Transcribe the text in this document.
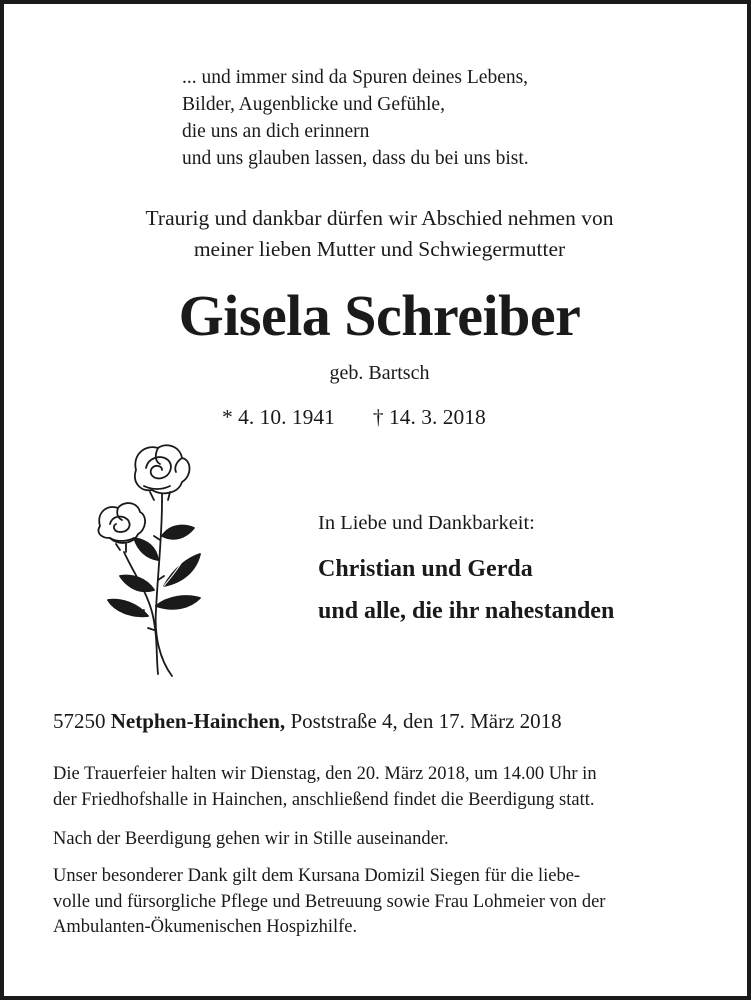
... und immer sind da Spuren deines Lebens,
Bilder, Augenblicke und Gefühle,
die uns an dich erinnern
und uns glauben lassen, dass du bei uns bist.
Traurig und dankbar dürfen wir Abschied nehmen von
meiner lieben Mutter und Schwiegermutter
Gisela Schreiber
geb. Bartsch
* 4. 10. 1941 † 14. 3. 2018
In Liebe und Dankbarkeit:
Christian und Gerda
und alle, die ihr nahestanden
57250 Netphen-Hainchen, Poststraße 4, den 17. März 2018
Die Trauerfeier halten wir Dienstag, den 20. März 2018, um 14.00 Uhr in
der Friedhofshalle in Hainchen, anschließend findet die Beerdigung statt.
Nach der Beerdigung gehen wir in Stille auseinander.
Unser besonderer Dank gilt dem Kursana Domizil Siegen für die liebe-
volle und fürsorgliche Pflege und Betreuung sowie Frau Lohmeier von der
Ambulanten-Ökumenischen Hospizhilfe.
